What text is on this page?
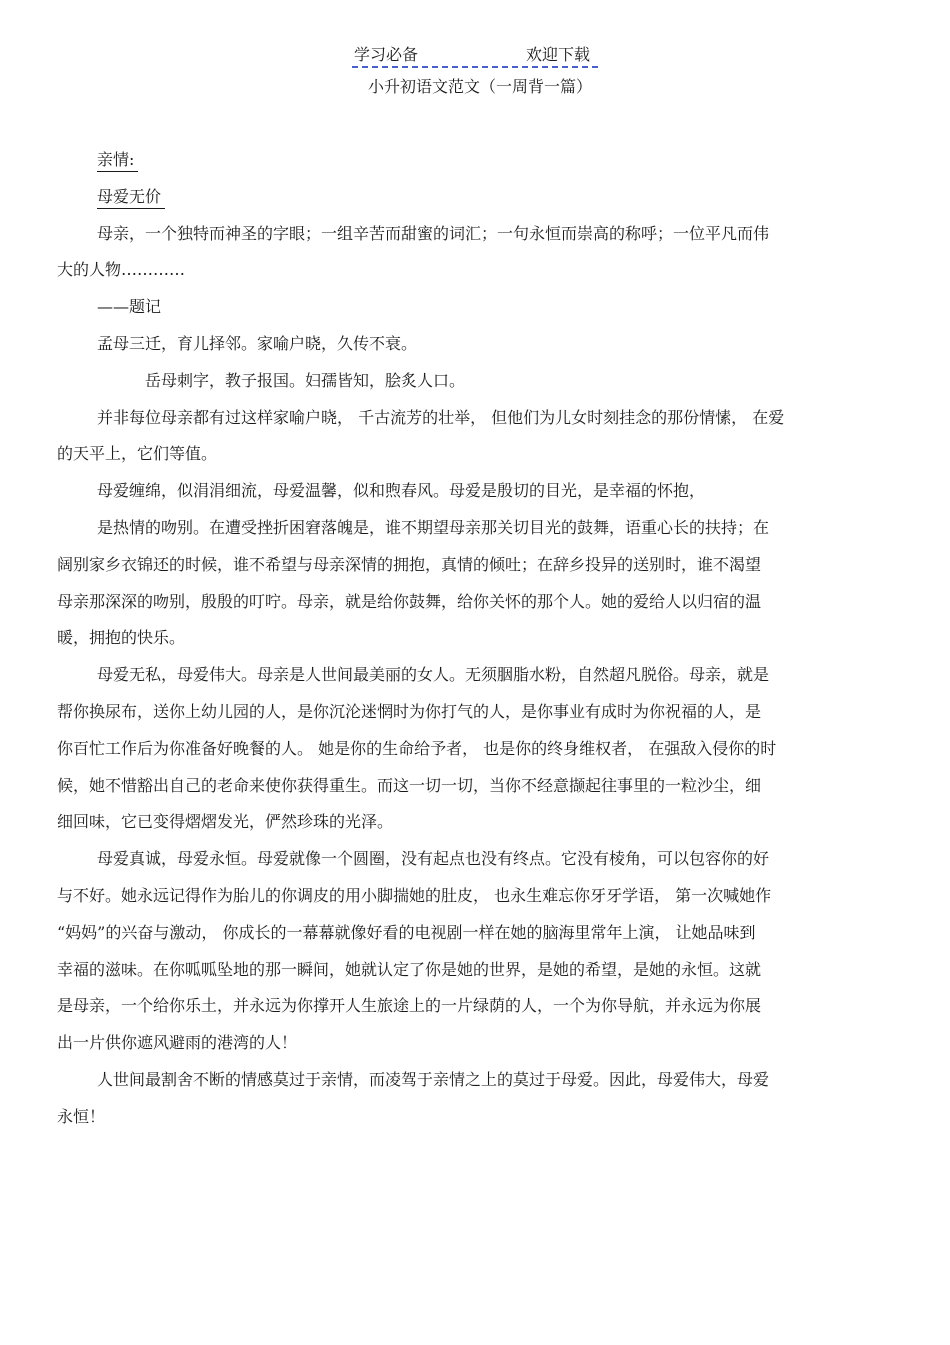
学习必备	欢迎下载
小升初语文范文（一周背一篇）
亲情:
母爱无价
母亲，一个独特而神圣的字眼；一组辛苦而甜蜜的词汇；一句永恒而崇高的称呼；一位平凡而伟
大的人物…………
——题记
孟母三迁，育儿择邻。家喻户晓，久传不衰。
岳母刺字，教子报国。妇孺皆知，脍炙人口。
并非每位母亲都有过这样家喻户晓， 千古流芳的壮举， 但他们为儿女时刻挂念的那份情愫， 在爱
的天平上，它们等值。
母爱缠绵，似涓涓细流，母爱温馨，似和煦春风。母爱是殷切的目光，是幸福的怀抱，
是热情的吻别。在遭受挫折困窘落魄是，谁不期望母亲那关切目光的鼓舞，语重心长的扶持；在
阔别家乡衣锦还的时候，谁不希望与母亲深情的拥抱，真情的倾吐；在辞乡投异的送别时，谁不渴望
母亲那深深的吻别，殷殷的叮咛。母亲，就是给你鼓舞，给你关怀的那个人。她的爱给人以归宿的温
暖，拥抱的快乐。
母爱无私，母爱伟大。母亲是人世间最美丽的女人。无须胭脂水粉，自然超凡脱俗。母亲，就是
帮你换尿布，送你上幼儿园的人，是你沉沦迷惘时为你打气的人，是你事业有成时为你祝福的人，是
你百忙工作后为你准备好晚餐的人。 她是你的生命给予者， 也是你的终身维权者， 在强敌入侵你的时
候，她不惜豁出自己的老命来使你获得重生。而这一切一切，当你不经意撷起往事里的一粒沙尘，细
细回味，它已变得熠熠发光，俨然珍珠的光泽。
母爱真诚，母爱永恒。母爱就像一个圆圈，没有起点也没有终点。它没有棱角，可以包容你的好
与不好。她永远记得作为胎儿的你调皮的用小脚揣她的肚皮， 也永生难忘你牙牙学语， 第一次喊她作
“妈妈”的兴奋与激动， 你成长的一幕幕就像好看的电视剧一样在她的脑海里常年上演， 让她品味到
幸福的滋味。在你呱呱坠地的那一瞬间，她就认定了你是她的世界，是她的希望，是她的永恒。这就
是母亲，一个给你乐土，并永远为你撑开人生旅途上的一片绿荫的人，一个为你导航，并永远为你展
出一片供你遮风避雨的港湾的人！
人世间最割舍不断的情感莫过于亲情，而凌驾于亲情之上的莫过于母爱。因此，母爱伟大，母爱
永恒！
